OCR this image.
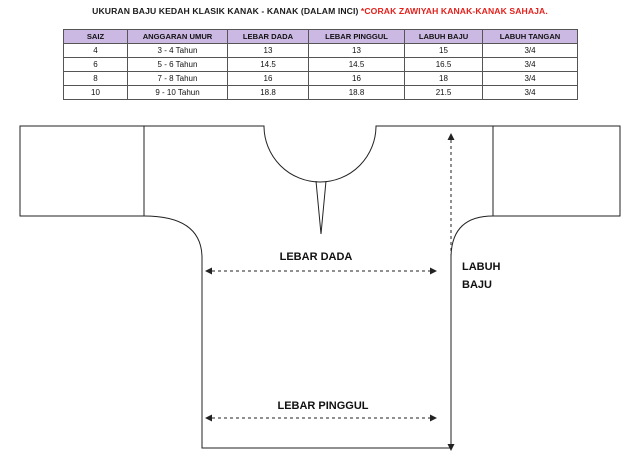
UKURAN BAJU KEDAH KLASIK KANAK - KANAK (DALAM INCI) *CORAK ZAWIYAH KANAK-KANAK SAHAJA.
SAIZ	ANGGARAN UMUR	LEBAR DADA	LEBAR PINGGUL	LABUH BAJU	LABUH TANGAN
4	3 - 4 Tahun	13	13	15	3/4
6	5 - 6 Tahun	14.5	14.5	16.5	3/4
8	7 - 8 Tahun	16	16	18	3/4
10	9 - 10 Tahun	18.8	18.8	21.5	3/4
LEBAR DADA
LEBAR PINGGUL
LABUH
BAJU
